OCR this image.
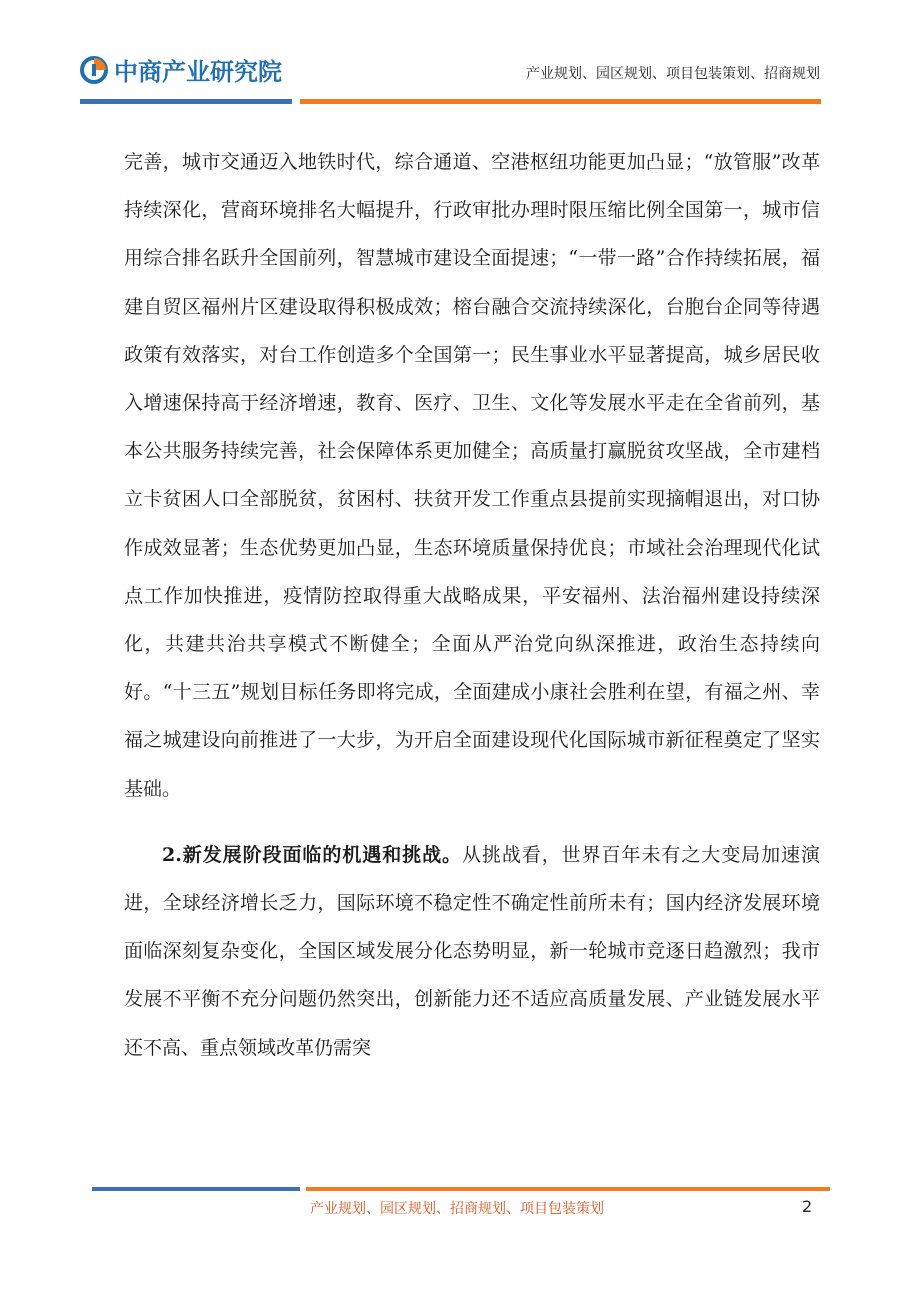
中商产业研究院	产业规划、园区规划、项目包装策划、招商规划

完善，城市交通迈入地铁时代，综合通道、空港枢纽功能更加凸显；“放管服”改革持续深化，营商环境排名大幅提升，行政审批办理时限压缩比例全国第一，城市信用综合排名跃升全国前列，智慧城市建设全面提速；“一带一路”合作持续拓展，福建自贸区福州片区建设取得积极成效；榕台融合交流持续深化，台胞台企同等待遇政策有效落实，对台工作创造多个全国第一；民生事业水平显著提高，城乡居民收入增速保持高于经济增速，教育、医疗、卫生、文化等发展水平走在全省前列，基本公共服务持续完善，社会保障体系更加健全；高质量打赢脱贫攻坚战，全市建档立卡贫困人口全部脱贫，贫困村、扶贫开发工作重点县提前实现摘帽退出，对口协作成效显著；生态优势更加凸显，生态环境质量保持优良；市域社会治理现代化试点工作加快推进，疫情防控取得重大战略成果，平安福州、法治福州建设持续深化，共建共治共享模式不断健全；全面从严治党向纵深推进，政治生态持续向好。“十三五”规划目标任务即将完成，全面建成小康社会胜利在望，有福之州、幸福之城建设向前推进了一大步，为开启全面建设现代化国际城市新征程奠定了坚实基础。

2.新发展阶段面临的机遇和挑战。从挑战看，世界百年未有之大变局加速演进，全球经济增长乏力，国际环境不稳定性不确定性前所未有；国内经济发展环境面临深刻复杂变化，全国区域发展分化态势明显，新一轮城市竞逐日趋激烈；我市发展不平衡不充分问题仍然突出，创新能力还不适应高质量发展、产业链发展水平还不高、重点领域改革仍需突

产业规划、园区规划、招商规划、项目包装策划	2
